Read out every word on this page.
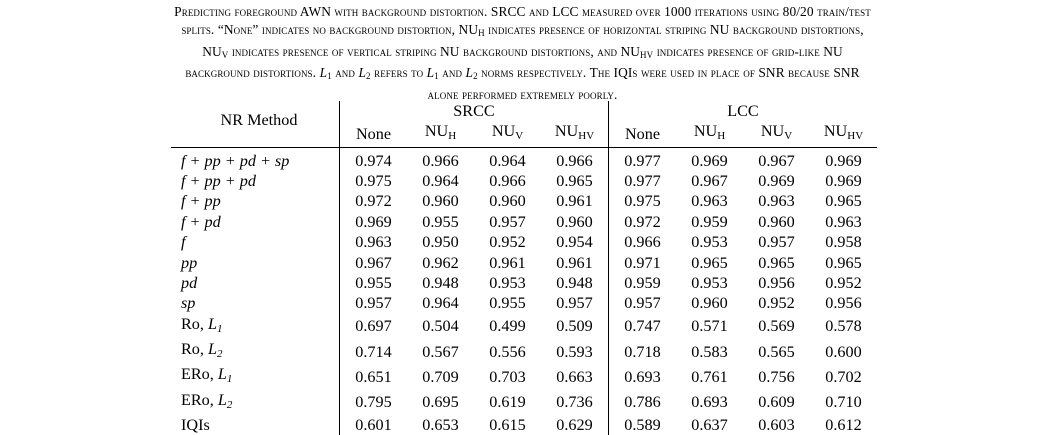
Predicting foreground AWN with background distortion. SRCC and LCC measured over 1000 iterations using 80/20 train/test
splits. “None” indicates no background distortion, $NU_H$ indicates presence of horizontal striping NU background distortions,
$NU_V$ indicates presence of vertical striping NU background distortions, and $NU_{HV}$ indicates presence of grid-like NU
background distortions. $L_1$ and $L_2$ refers to $L_1$ and $L_2$ norms respectively. The IQIs were used in place of SNR because SNR
alone performed extremely poorly.
NR Method	SRCC				LCC			
	None	NUH	NUV	NUHV	None	NUH	NUV	NUHV
f + pp + pd + sp	0.974	0.966	0.964	0.966	0.977	0.969	0.967	0.969
f + pp + pd	0.975	0.964	0.966	0.965	0.977	0.967	0.969	0.969
f + pp	0.972	0.960	0.960	0.961	0.975	0.963	0.963	0.965
f + pd	0.969	0.955	0.957	0.960	0.972	0.959	0.960	0.963
f	0.963	0.950	0.952	0.954	0.966	0.953	0.957	0.958
pp	0.967	0.962	0.961	0.961	0.971	0.965	0.965	0.965
pd	0.955	0.948	0.953	0.948	0.959	0.953	0.956	0.952
sp	0.957	0.964	0.955	0.957	0.957	0.960	0.952	0.956
Ro, L1	0.697	0.504	0.499	0.509	0.747	0.571	0.569	0.578
Ro, L2	0.714	0.567	0.556	0.593	0.718	0.583	0.565	0.600
ERo, L1	0.651	0.709	0.703	0.663	0.693	0.761	0.756	0.702
ERo, L2	0.795	0.695	0.619	0.736	0.786	0.693	0.609	0.710
IQIs	0.601	0.653	0.615	0.629	0.589	0.637	0.603	0.612
